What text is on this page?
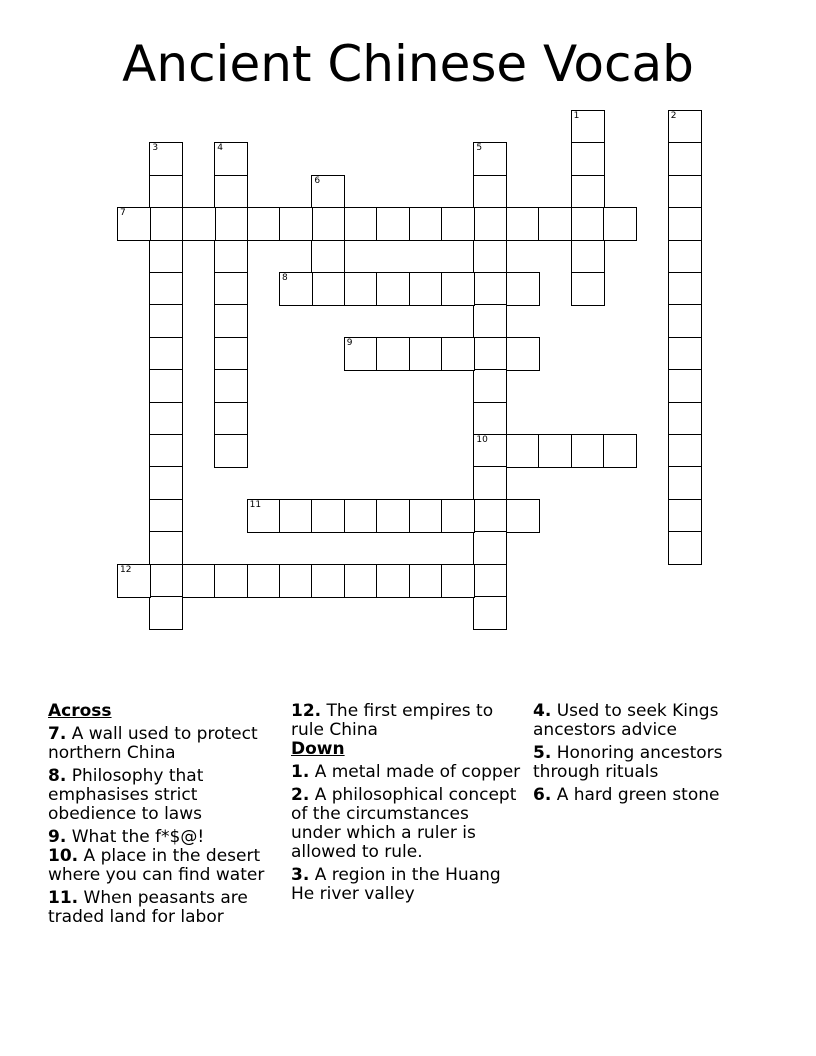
Ancient Chinese Vocab
1	2
3	4	5
10
6
7
8
9
11
12
Across
7. A wall used to protect northern China
8. Philosophy that emphasises strict obedience to laws
9. What the f*$@!
10. A place in the desert where you can find water
11. When peasants are traded land for labor
12. The first empires to rule China
Down
1. A metal made of copper
2. A philosophical concept of the circumstances under which a ruler is allowed to rule.
3. A region in the Huang He river valley
4. Used to seek Kings ancestors advice
5. Honoring ancestors through rituals
6. A hard green stone
